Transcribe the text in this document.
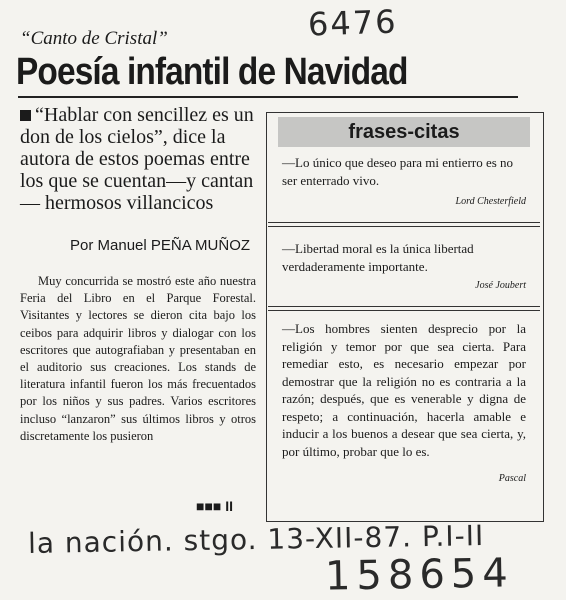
6476
“Canto de Cristal”
Poesía infantil de Navidad
“Hablar con sencillez es un don de los cielos”, dice la autora de estos poemas entre los que se cuentan—y cantan— hermosos villancicos
Por Manuel PEÑA MUÑOZ
Muy concurrida se mostró este año nuestra Feria del Libro en el Parque Forestal. Visitantes y lectores se dieron cita bajo los ceibos para adquirir libros y dialogar con los escritores que autografiaban y presentaban en el auditorio sus creaciones. Los stands de literatura infantil fueron los más frecuentados por los niños y sus padres. Varios escritores incluso “lanzaron” sus últimos libros y otros discretamente los pusieron
■■■ II
frases-citas
—Lo único que deseo para mi entierro es no ser enterrado vivo.
Lord Chesterfield
—Libertad moral es la única libertad verdaderamente importante.
José Joubert
—Los hombres sienten desprecio por la religión y temor por que sea cierta. Para remediar esto, es necesario empezar por demostrar que la religión no es contraria a la razón; después, que es venerable y digna de respeto; a continuación, hacerla amable e inducir a los buenos a desear que sea cierta, y, por último, probar que lo es.
Pascal
la nación. stgo. 13-XII-87. P.I-II
158654
